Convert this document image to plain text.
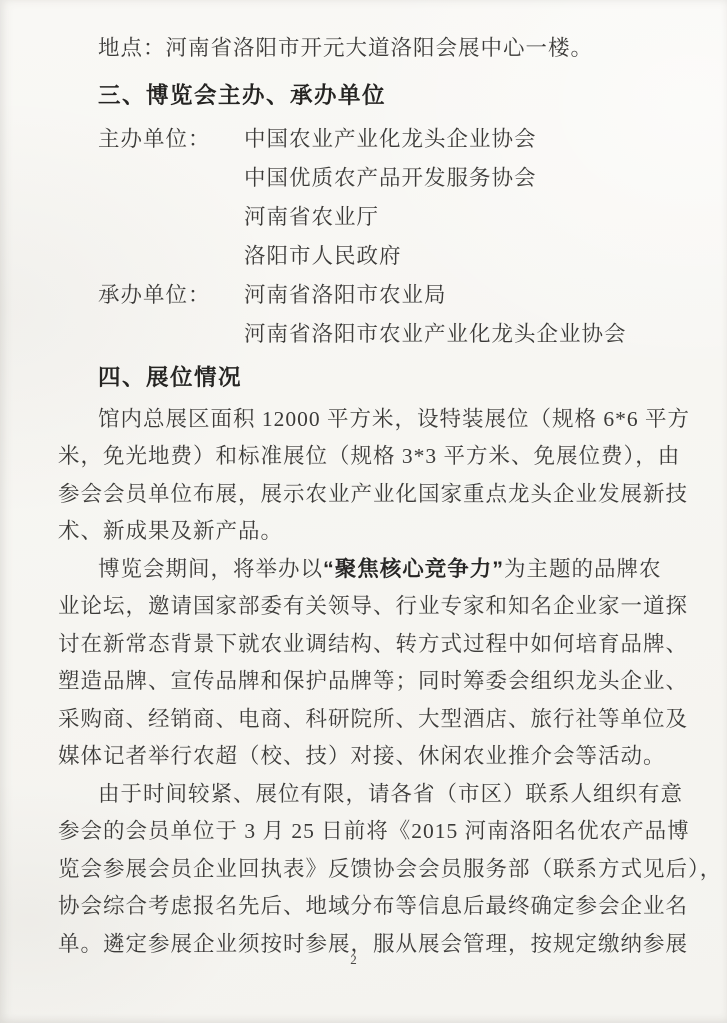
地点：河南省洛阳市开元大道洛阳会展中心一楼。
三、博览会主办、承办单位
主办单位：	中国农业产业化龙头企业协会
中国优质农产品开发服务协会
河南省农业厅
洛阳市人民政府
承办单位：	河南省洛阳市农业局
河南省洛阳市农业产业化龙头企业协会
四、展位情况
馆内总展区面积 12000 平方米，设特装展位（规格 6*6 平方
米，免光地费）和标准展位（规格 3*3 平方米、免展位费），由
参会会员单位布展，展示农业产业化国家重点龙头企业发展新技
术、新成果及新产品。
博览会期间，将举办以“聚焦核心竞争力”为主题的品牌农
业论坛，邀请国家部委有关领导、行业专家和知名企业家一道探
讨在新常态背景下就农业调结构、转方式过程中如何培育品牌、
塑造品牌、宣传品牌和保护品牌等；同时筹委会组织龙头企业、
采购商、经销商、电商、科研院所、大型酒店、旅行社等单位及
媒体记者举行农超（校、技）对接、休闲农业推介会等活动。
由于时间较紧、展位有限，请各省（市区）联系人组织有意
参会的会员单位于 3 月 25 日前将《2015 河南洛阳名优农产品博
览会参展会员企业回执表》反馈协会会员服务部（联系方式见后），
协会综合考虑报名先后、地域分布等信息后最终确定参会企业名
单。遴定参展企业须按时参展，服从展会管理，按规定缴纳参展
2
